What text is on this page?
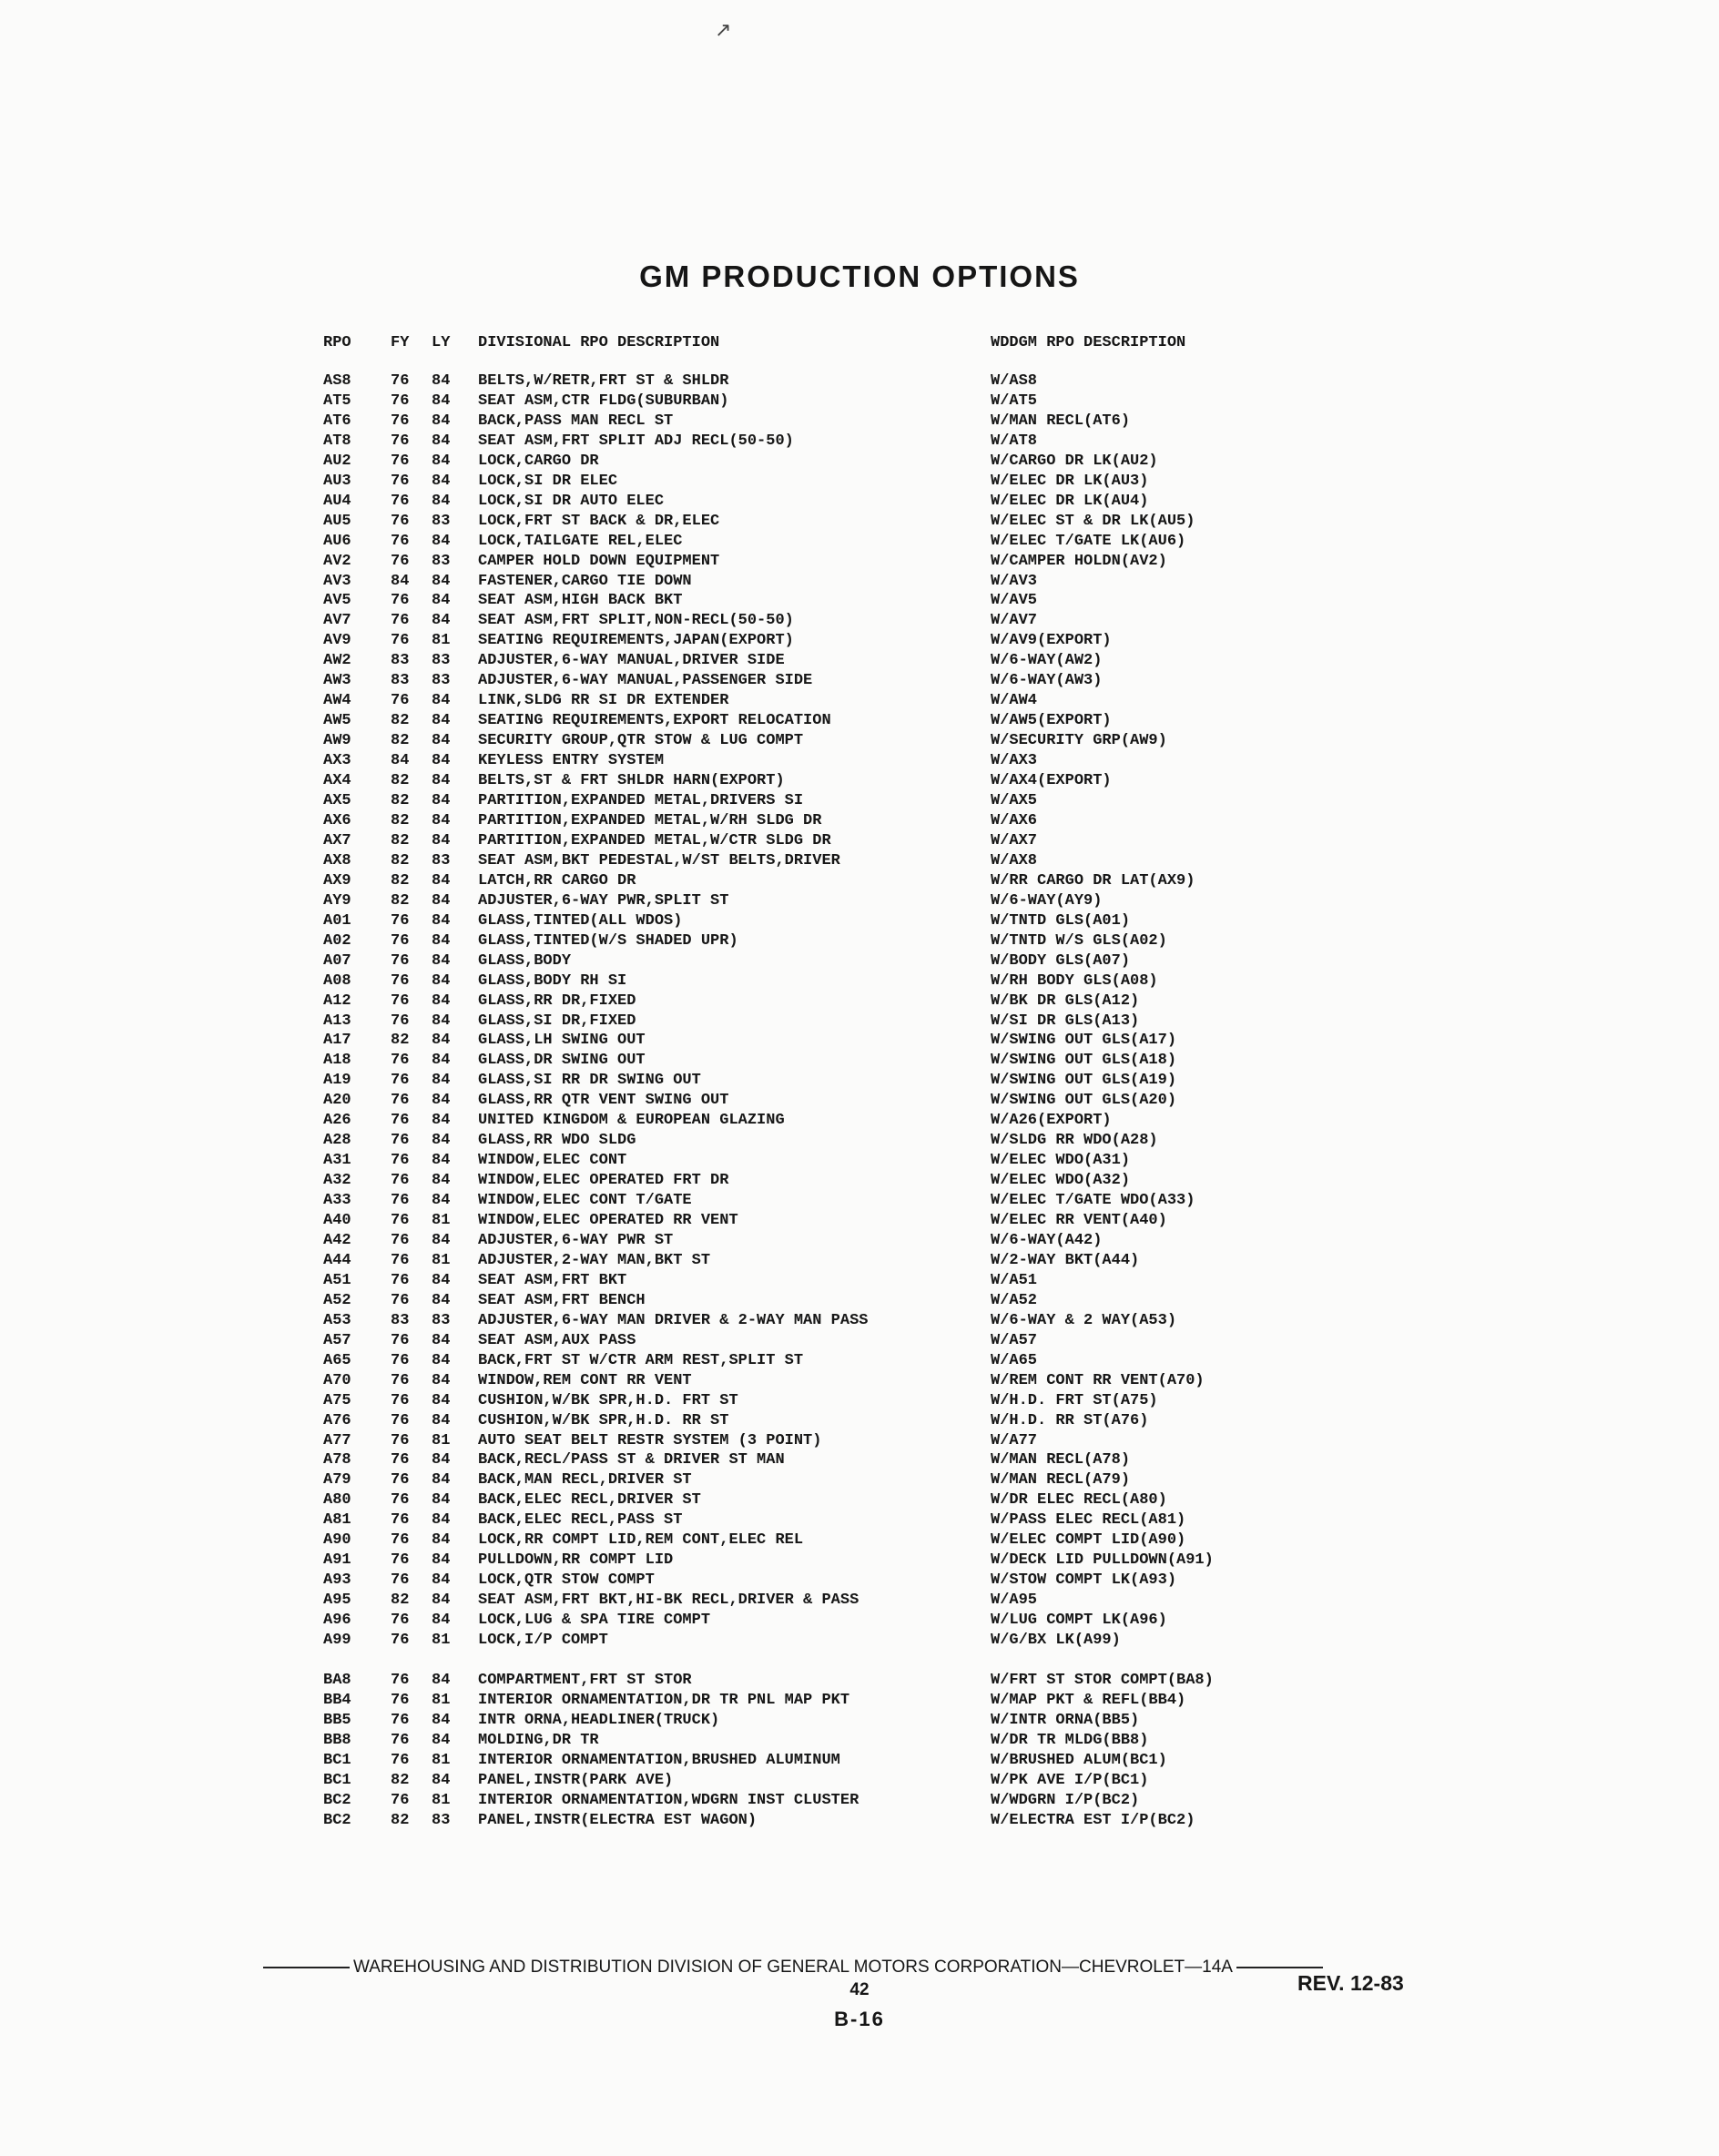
↗
GM PRODUCTION OPTIONS
RPO	FY LY DIVISIONAL RPO DESCRIPTION	WDDGM RPO DESCRIPTION
AS8	76 84 BELTS,W/RETR,FRT ST & SHLDR	W/AS8
AT5	76 84 SEAT ASM,CTR FLDG(SUBURBAN)	W/AT5
AT6	76 84 BACK,PASS MAN RECL ST	W/MAN RECL(AT6)
AT8	76 84 SEAT ASM,FRT SPLIT ADJ RECL(50-50)	W/AT8
AU2	76 84 LOCK,CARGO DR	W/CARGO DR LK(AU2)
AU3	76 84 LOCK,SI DR ELEC	W/ELEC DR LK(AU3)
AU4	76 84 LOCK,SI DR AUTO ELEC	W/ELEC DR LK(AU4)
AU5	76 83 LOCK,FRT ST BACK & DR,ELEC	W/ELEC ST & DR LK(AU5)
AU6	76 84 LOCK,TAILGATE REL,ELEC	W/ELEC T/GATE LK(AU6)
AV2	76 83 CAMPER HOLD DOWN EQUIPMENT	W/CAMPER HOLDN(AV2)
AV3	84 84 FASTENER,CARGO TIE DOWN	W/AV3
AV5	76 84 SEAT ASM,HIGH BACK BKT	W/AV5
AV7	76 84 SEAT ASM,FRT SPLIT,NON-RECL(50-50)	W/AV7
AV9	76 81 SEATING REQUIREMENTS,JAPAN(EXPORT)	W/AV9(EXPORT)
AW2	83 83 ADJUSTER,6-WAY MANUAL,DRIVER SIDE	W/6-WAY(AW2)
AW3	83 83 ADJUSTER,6-WAY MANUAL,PASSENGER SIDE	W/6-WAY(AW3)
AW4	76 84 LINK,SLDG RR SI DR EXTENDER	W/AW4
AW5	82 84 SEATING REQUIREMENTS,EXPORT RELOCATION	W/AW5(EXPORT)
AW9	82 84 SECURITY GROUP,QTR STOW & LUG COMPT	W/SECURITY GRP(AW9)
AX3	84 84 KEYLESS ENTRY SYSTEM	W/AX3
AX4	82 84 BELTS,ST & FRT SHLDR HARN(EXPORT)	W/AX4(EXPORT)
AX5	82 84 PARTITION,EXPANDED METAL,DRIVERS SI	W/AX5
AX6	82 84 PARTITION,EXPANDED METAL,W/RH SLDG DR	W/AX6
AX7	82 84 PARTITION,EXPANDED METAL,W/CTR SLDG DR	W/AX7
AX8	82 83 SEAT ASM,BKT PEDESTAL,W/ST BELTS,DRIVER	W/AX8
AX9	82 84 LATCH,RR CARGO DR	W/RR CARGO DR LAT(AX9)
AY9	82 84 ADJUSTER,6-WAY PWR,SPLIT ST	W/6-WAY(AY9)
A01	76 84 GLASS,TINTED(ALL WDOS)	W/TNTD GLS(A01)
A02	76 84 GLASS,TINTED(W/S SHADED UPR)	W/TNTD W/S GLS(A02)
A07	76 84 GLASS,BODY	W/BODY GLS(A07)
A08	76 84 GLASS,BODY RH SI	W/RH BODY GLS(A08)
A12	76 84 GLASS,RR DR,FIXED	W/BK DR GLS(A12)
A13	76 84 GLASS,SI DR,FIXED	W/SI DR GLS(A13)
A17	82 84 GLASS,LH SWING OUT	W/SWING OUT GLS(A17)
A18	76 84 GLASS,DR SWING OUT	W/SWING OUT GLS(A18)
A19	76 84 GLASS,SI RR DR SWING OUT	W/SWING OUT GLS(A19)
A20	76 84 GLASS,RR QTR VENT SWING OUT	W/SWING OUT GLS(A20)
A26	76 84 UNITED KINGDOM & EUROPEAN GLAZING	W/A26(EXPORT)
A28	76 84 GLASS,RR WDO SLDG	W/SLDG RR WDO(A28)
A31	76 84 WINDOW,ELEC CONT	W/ELEC WDO(A31)
A32	76 84 WINDOW,ELEC OPERATED FRT DR	W/ELEC WDO(A32)
A33	76 84 WINDOW,ELEC CONT T/GATE	W/ELEC T/GATE WDO(A33)
A40	76 81 WINDOW,ELEC OPERATED RR VENT	W/ELEC RR VENT(A40)
A42	76 84 ADJUSTER,6-WAY PWR ST	W/6-WAY(A42)
A44	76 81 ADJUSTER,2-WAY MAN,BKT ST	W/2-WAY BKT(A44)
A51	76 84 SEAT ASM,FRT BKT	W/A51
A52	76 84 SEAT ASM,FRT BENCH	W/A52
A53	83 83 ADJUSTER,6-WAY MAN DRIVER & 2-WAY MAN PASS	W/6-WAY & 2 WAY(A53)
A57	76 84 SEAT ASM,AUX PASS	W/A57
A65	76 84 BACK,FRT ST W/CTR ARM REST,SPLIT ST	W/A65
A70	76 84 WINDOW,REM CONT RR VENT	W/REM CONT RR VENT(A70)
A75	76 84 CUSHION,W/BK SPR,H.D. FRT ST	W/H.D. FRT ST(A75)
A76	76 84 CUSHION,W/BK SPR,H.D. RR ST	W/H.D. RR ST(A76)
A77	76 81 AUTO SEAT BELT RESTR SYSTEM (3 POINT)	W/A77
A78	76 84 BACK,RECL/PASS ST & DRIVER ST MAN	W/MAN RECL(A78)
A79	76 84 BACK,MAN RECL,DRIVER ST	W/MAN RECL(A79)
A80	76 84 BACK,ELEC RECL,DRIVER ST	W/DR ELEC RECL(A80)
A81	76 84 BACK,ELEC RECL,PASS ST	W/PASS ELEC RECL(A81)
A90	76 84 LOCK,RR COMPT LID,REM CONT,ELEC REL	W/ELEC COMPT LID(A90)
A91	76 84 PULLDOWN,RR COMPT LID	W/DECK LID PULLDOWN(A91)
A93	76 84 LOCK,QTR STOW COMPT	W/STOW COMPT LK(A93)
A95	82 84 SEAT ASM,FRT BKT,HI-BK RECL,DRIVER & PASS	W/A95
A96	76 84 LOCK,LUG & SPA TIRE COMPT	W/LUG COMPT LK(A96)
A99	76 81 LOCK,I/P COMPT	W/G/BX LK(A99)
BA8	76 84 COMPARTMENT,FRT ST STOR	W/FRT ST STOR COMPT(BA8)
BB4	76 81 INTERIOR ORNAMENTATION,DR TR PNL MAP PKT	W/MAP PKT & REFL(BB4)
BB5	76 84 INTR ORNA,HEADLINER(TRUCK)	W/INTR ORNA(BB5)
BB8	76 84 MOLDING,DR TR	W/DR TR MLDG(BB8)
BC1	76 81 INTERIOR ORNAMENTATION,BRUSHED ALUMINUM	W/BRUSHED ALUM(BC1)
BC1	82 84 PANEL,INSTR(PARK AVE)	W/PK AVE I/P(BC1)
BC2	76 81 INTERIOR ORNAMENTATION,WDGRN INST CLUSTER	W/WDGRN I/P(BC2)
BC2	82 83 PANEL,INSTR(ELECTRA EST WAGON)	W/ELECTRA EST I/P(BC2)
WAREHOUSING AND DISTRIBUTION DIVISION OF GENERAL MOTORS CORPORATION—CHEVROLET—14A
REV. 12-83
42
B-16
